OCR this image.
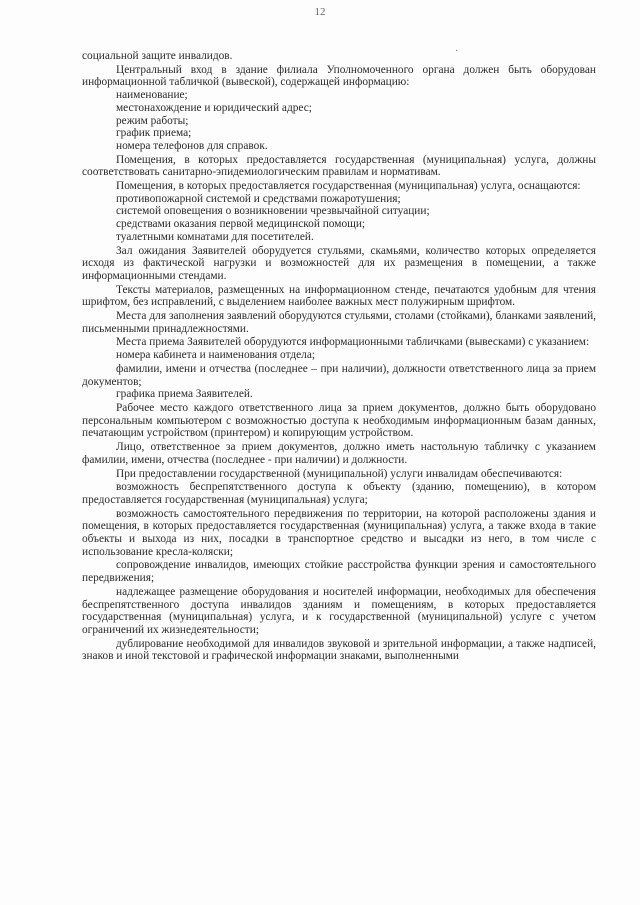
12
·

социальной защите инвалидов.

Центральный вход в здание филиала Уполномоченного органа должен быть оборудован информационной табличкой (вывеской), содержащей информацию:

наименование;

местонахождение и юридический адрес;

режим работы;

график приема;

номера телефонов для справок.

Помещения, в которых предоставляется государственная (муниципальная) услуга, должны соответствовать санитарно-эпидемиологическим правилам и нормативам.

Помещения, в которых предоставляется государственная (муниципальная) услуга, оснащаются:

противопожарной системой и средствами пожаротушения;

системой оповещения о возникновении чрезвычайной ситуации;

средствами оказания первой медицинской помощи;

туалетными комнатами для посетителей.

Зал ожидания Заявителей оборудуется стульями, скамьями, количество которых определяется исходя из фактической нагрузки и возможностей для их размещения в помещении, а также информационными стендами.

Тексты материалов, размещенных на информационном стенде, печатаются удобным для чтения шрифтом, без исправлений, с выделением наиболее важных мест полужирным шрифтом.

Места для заполнения заявлений оборудуются стульями, столами (стойками), бланками заявлений, письменными принадлежностями.

Места приема Заявителей оборудуются информационными табличками (вывесками) с указанием:

номера кабинета и наименования отдела;

фамилии, имени и отчества (последнее – при наличии), должности ответственного лица за прием документов;

графика приема Заявителей.

Рабочее место каждого ответственного лица за прием документов, должно быть оборудовано персональным компьютером с возможностью доступа к необходимым информационным базам данных, печатающим устройством (принтером) и копирующим устройством.

Лицо, ответственное за прием документов, должно иметь настольную табличку с указанием фамилии, имени, отчества (последнее - при наличии) и должности.

При предоставлении государственной (муниципальной) услуги инвалидам обеспечиваются:

возможность беспрепятственного доступа к объекту (зданию, помещению), в котором предоставляется государственная (муниципальная) услуга;

возможность самостоятельного передвижения по территории, на которой расположены здания и помещения, в которых предоставляется государственная (муниципальная) услуга, а также входа в такие объекты и выхода из них, посадки в транспортное средство и высадки из него, в том числе с использование кресла-коляски;

сопровождение инвалидов, имеющих стойкие расстройства функции зрения и самостоятельного передвижения;

надлежащее размещение оборудования и носителей информации, необходимых для обеспечения беспрепятственного доступа инвалидов зданиям и помещениям, в которых предоставляется государственная (муниципальная) услуга, и к государственной (муниципальной) услуге с учетом ограничений их жизнедеятельности;

дублирование необходимой для инвалидов звуковой и зрительной информации, а также надписей, знаков и иной текстовой и графической информации знаками, выполненными
